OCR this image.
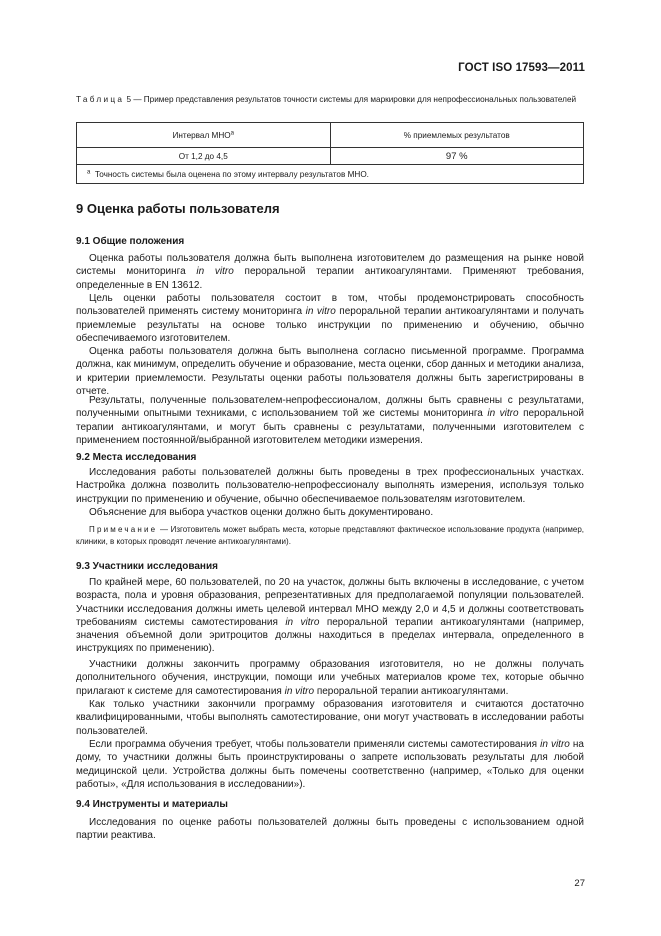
ГОСТ ISO 17593—2011
Таблица 5 — Пример представления результатов точности системы для маркировки для непрофессиональных пользователей
Интервал МНО$^a$	% приемлемых результатов
От 1,2 до 4,5	97 %
$^a$ Точность системы была оценена по этому интервалу результатов МНО.	
9 Оценка работы пользователя
9.1 Общие положения

Оценка работы пользователя должна быть выполнена изготовителем до размещения на рынке новой системы мониторинга in vitro пероральной терапии антикоагулянтами. Применяют требования, определенные в EN 13612.

Цель оценки работы пользователя состоит в том, чтобы продемонстрировать способность пользователей применять систему мониторинга in vitro пероральной терапии антикоагулянтами и получать приемлемые результаты на основе только инструкции по применению и обучению, обычно обеспечиваемого изготовителем.

Оценка работы пользователя должна быть выполнена согласно письменной программе. Программа должна, как минимум, определить обучение и образование, места оценки, сбор данных и методики анализа, и критерии приемлемости. Результаты оценки работы пользователя должны быть зарегистрированы в отчете.

Результаты, полученные пользователем-непрофессионалом, должны быть сравнены с результатами, полученными опытными техниками, с использованием той же системы мониторинга in vitro пероральной терапии антикоагулянтами, и могут быть сравнены с результатами, полученными изготовителем с применением постоянной/выбранной изготовителем методики измерения.

9.2 Места исследования

Исследования работы пользователей должны быть проведены в трех профессиональных участках. Настройка должна позволить пользователю-непрофессионалу выполнять измерения, используя только инструкции по применению и обучение, обычно обеспечиваемое пользователям изготовителем.

Объяснение для выбора участков оценки должно быть документировано.

Примечание — Изготовитель может выбрать места, которые представляют фактическое использование продукта (например, клиники, в которых проводят лечение антикоагулянтами).

9.3 Участники исследования

По крайней мере, 60 пользователей, по 20 на участок, должны быть включены в исследование, с учетом возраста, пола и уровня образования, репрезентативных для предполагаемой популяции пользователей. Участники исследования должны иметь целевой интервал МНО между 2,0 и 4,5 и должны соответствовать требованиям системы самотестирования in vitro пероральной терапии антикоагулянтами (например, значения объемной доли эритроцитов должны находиться в пределах интервала, определенного в инструкциях по применению).

Участники должны закончить программу образования изготовителя, но не должны получать дополнительного обучения, инструкции, помощи или учебных материалов кроме тех, которые обычно прилагают к системе для самотестирования in vitro пероральной терапии антикоагулянтами.

Как только участники закончили программу образования изготовителя и считаются достаточно квалифицированными, чтобы выполнять самотестирование, они могут участвовать в исследовании работы пользователей.

Если программа обучения требует, чтобы пользователи применяли системы самотестирования in vitro на дому, то участники должны быть проинструктированы о запрете использовать результаты для любой медицинской цели. Устройства должны быть помечены соответственно (например, «Только для оценки работы», «Для использования в исследовании»).

9.4 Инструменты и материалы

Исследования по оценке работы пользователей должны быть проведены с использованием одной партии реактива.

27
